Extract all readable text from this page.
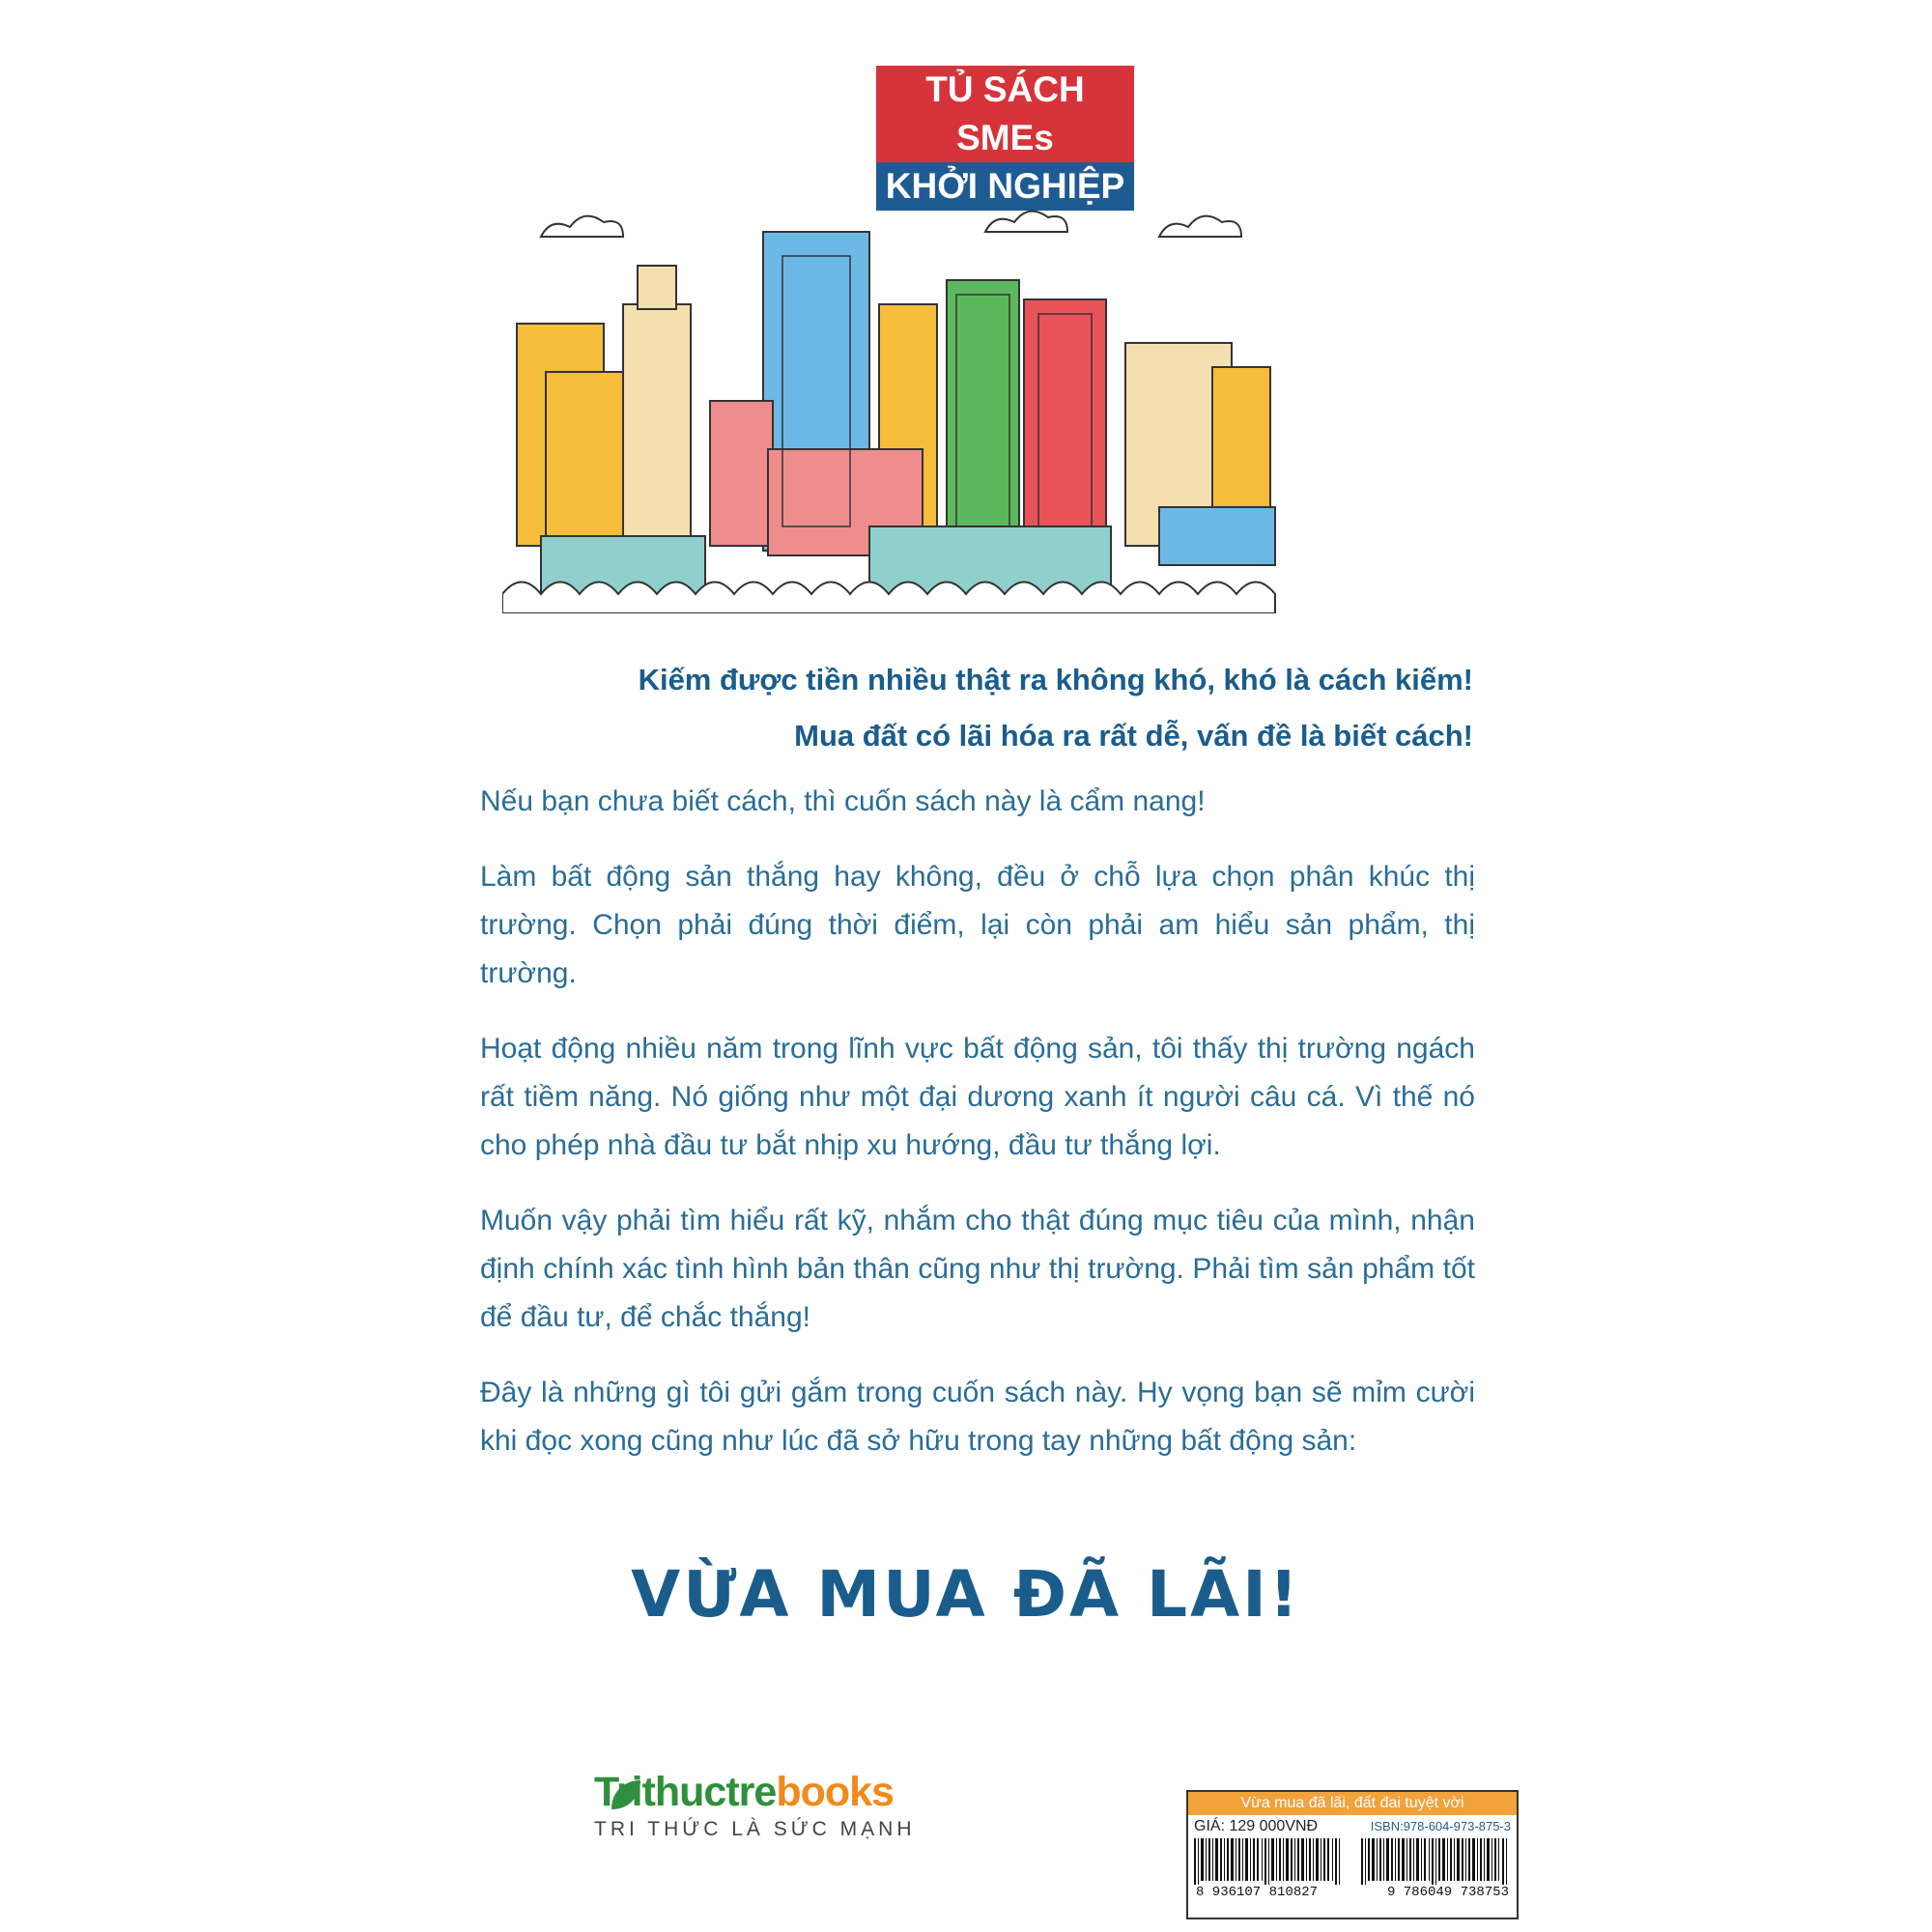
TỦ SÁCH SMEs
KHỞI NGHIỆP
Kiếm được tiền nhiều thật ra không khó, khó là cách kiếm!
Mua đất có lãi hóa ra rất dễ, vấn đề là biết cách!

Nếu bạn chưa biết cách, thì cuốn sách này là cẩm nang!

Làm bất động sản thắng hay không, đều ở chỗ lựa chọn phân khúc thị trường. Chọn phải đúng thời điểm, lại còn phải am hiểu sản phẩm, thị trường.

Hoạt động nhiều năm trong lĩnh vực bất động sản, tôi thấy thị trường ngách rất tiềm năng. Nó giống như một đại dương xanh ít người câu cá. Vì thế nó cho phép nhà đầu tư bắt nhịp xu hướng, đầu tư thắng lợi.

Muốn vậy phải tìm hiểu rất kỹ, nhắm cho thật đúng mục tiêu của mình, nhận định chính xác tình hình bản thân cũng như thị trường. Phải tìm sản phẩm tốt để đầu tư, để chắc thắng!

Đây là những gì tôi gửi gắm trong cuốn sách này. Hy vọng bạn sẽ mỉm cười khi đọc xong cũng như lúc đã sở hữu trong tay những bất động sản:

VỪA MUA ĐÃ LÃI!
Trithuctrebooks
TRI THỨC LÀ SỨC MẠNH
Vừa mua đã lãi, đất đai tuyệt vời
GIÁ: 129 000VNĐ	ISBN:978-604-973-875-3
8 936107 810827	9 786049 738753
